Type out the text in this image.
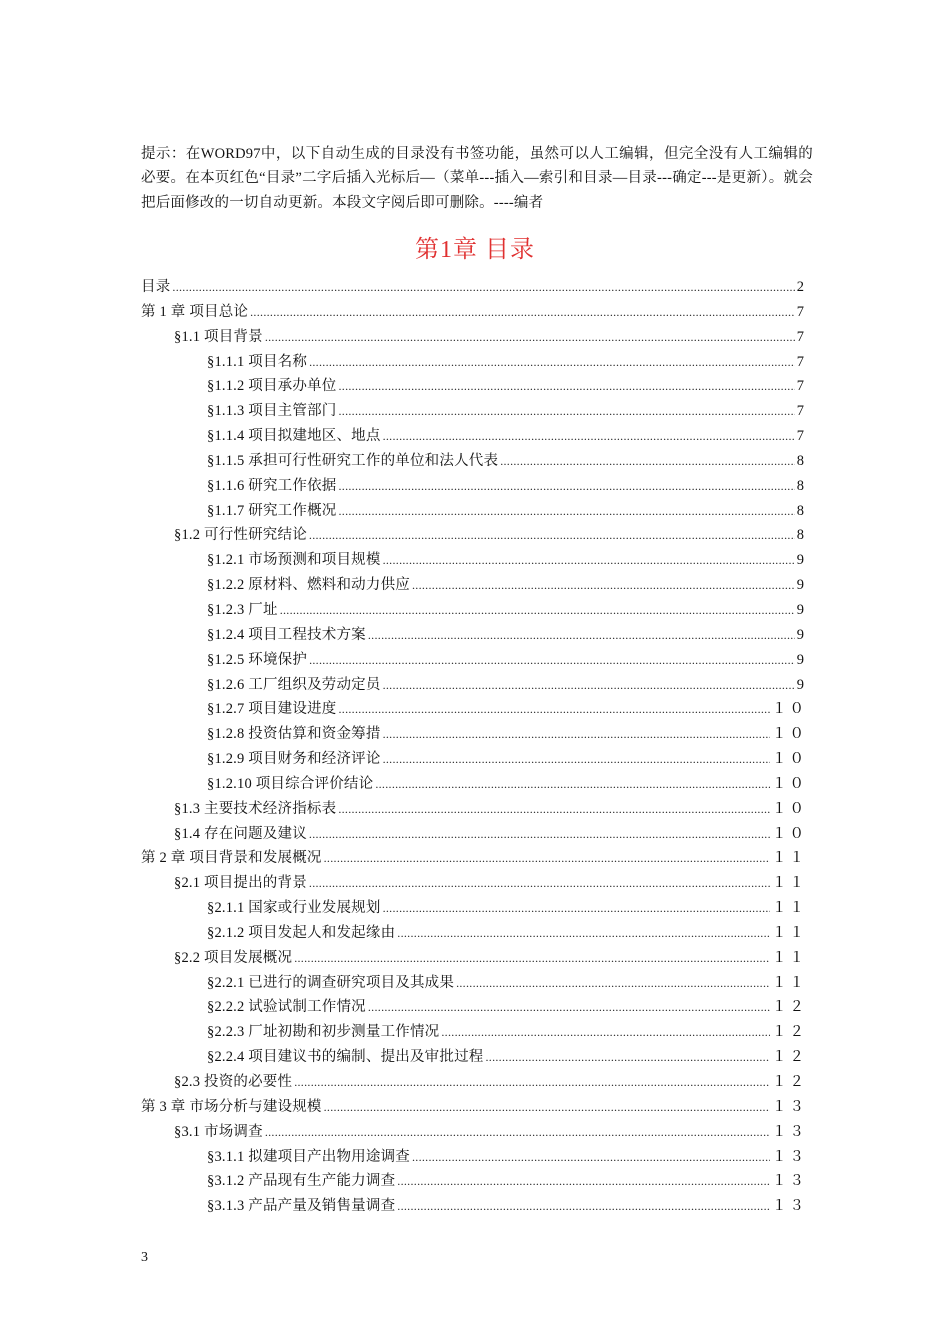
提示：在WORD97中，以下自动生成的目录没有书签功能，虽然可以人工编辑，但完全没有人工编辑的必要。在本页红色“目录”二字后插入光标后—（菜单---插入—索引和目录—目录---确定---是更新）。就会把后面修改的一切自动更新。本段文字阅后即可删除。----编者

第1章 目录
目录 .....	2
第 1 章 项目总论 .....	7
§1.1 项目背景 .....	7
§1.1.1 项目名称 .....	7
§1.1.2 项目承办单位 .....	7
§1.1.3 项目主管部门 .....	7
§1.1.4 项目拟建地区、地点 .....	7
§1.1.5 承担可行性研究工作的单位和法人代表 .....	8
§1.1.6 研究工作依据 .....	8
§1.1.7 研究工作概况 .....	8
§1.2 可行性研究结论 .....	8
§1.2.1 市场预测和项目规模 .....	9
§1.2.2 原材料、燃料和动力供应 .....	9
§1.2.3 厂址 .....	9
§1.2.4 项目工程技术方案 .....	9
§1.2.5 环境保护 .....	9
§1.2.6 工厂组织及劳动定员 .....	9
§1.2.7 项目建设进度 .....	１０
§1.2.8 投资估算和资金筹措 .....	１０
§1.2.9 项目财务和经济评论 .....	１０
§1.2.10 项目综合评价结论 .....	１０
§1.3 主要技术经济指标表 .....	１０
§1.4 存在问题及建议 .....	１０
第 2 章 项目背景和发展概况 .....	１１
§2.1 项目提出的背景 .....	１１
§2.1.1 国家或行业发展规划 .....	１１
§2.1.2 项目发起人和发起缘由 .....	１１
§2.2 项目发展概况 .....	１１
§2.2.1 已进行的调查研究项目及其成果 .....	１１
§2.2.2 试验试制工作情况 .....	１２
§2.2.3 厂址初勘和初步测量工作情况 .....	１２
§2.2.4 项目建议书的编制、提出及审批过程 .....	１２
§2.3 投资的必要性 .....	１２
第 3 章 市场分析与建设规模 .....	１３
§3.1 市场调查 .....	１３
§3.1.1 拟建项目产出物用途调查 .....	１３
§3.1.2 产品现有生产能力调查 .....	１３
§3.1.3 产品产量及销售量调查 .....	１３
3
